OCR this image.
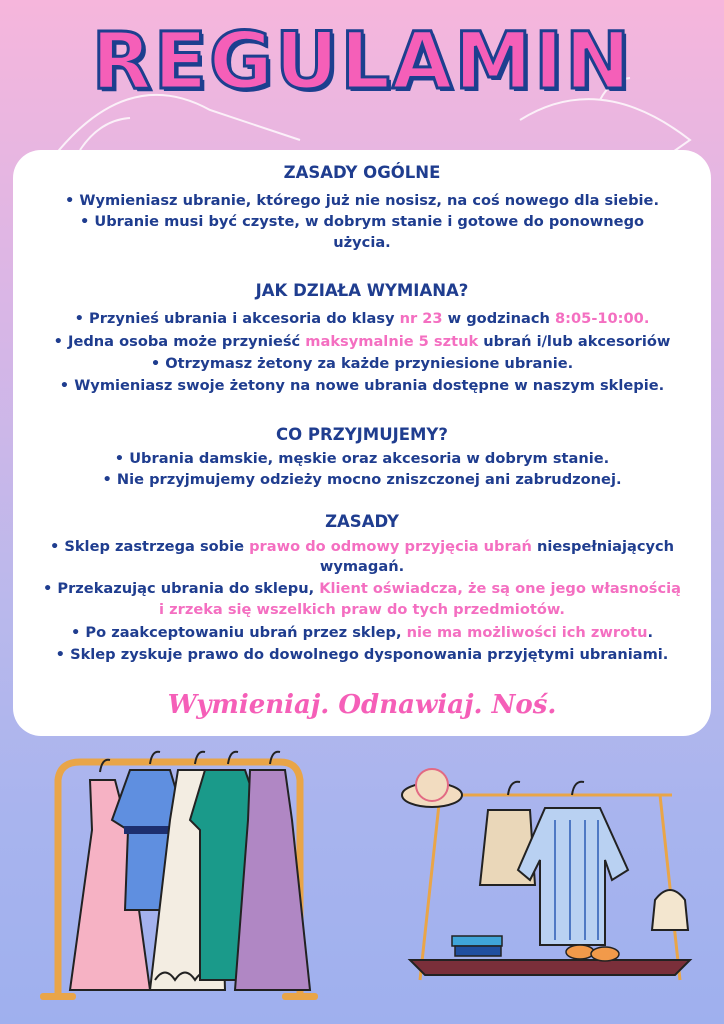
REGULAMIN
ZASADY OGÓLNE
• Wymieniasz ubranie, którego już nie nosisz, na coś nowego dla siebie.
• Ubranie musi być czyste, w dobrym stanie i gotowe do ponownego
użycia.
JAK DZIAŁA WYMIANA?
• Przynieś ubrania i akcesoria do klasy nr 23 w godzinach 8:05-10:00.
• Jedna osoba może przynieść maksymalnie 5 sztuk ubrań i/lub akcesoriów
• Otrzymasz żetony za każde przyniesione ubranie.
• Wymieniasz swoje żetony na nowe ubrania dostępne w naszym sklepie.
CO PRZYJMUJEMY?
• Ubrania damskie, męskie oraz akcesoria w dobrym stanie.
• Nie przyjmujemy odzieży mocno zniszczonej ani zabrudzonej.
ZASADY
• Sklep zastrzega sobie prawo do odmowy przyjęcia ubrań niespełniających
wymagań.
• Przekazując ubrania do sklepu, Klient oświadcza, że są one jego własnością
i zrzeka się wszelkich praw do tych przedmiotów.
• Po zaakceptowaniu ubrań przez sklep, nie ma możliwości ich zwrotu.
• Sklep zyskuje prawo do dowolnego dysponowania przyjętymi ubraniami.
Wymieniaj. Odnawiaj. Noś.
